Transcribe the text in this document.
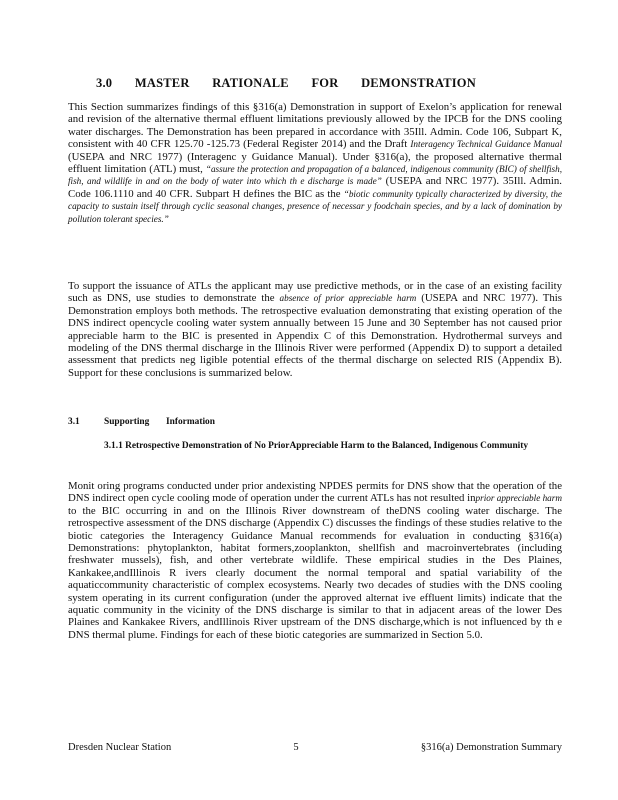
3.0 MASTER RATIONALE FOR DEMONSTRATION

This Section summarizes findings of this §316(a) Demonstration in support of Exelon’s application for renewal and revision of the alternative thermal effluent limitations previously allowed by the IPCB for the DNS cooling water discharges. The Demonstration has been prepared in accordance with 35Ill. Admin. Code 106, Subpart K, consistent with 40 CFR 125.70 -125.73 (Federal Register 2014) and the Draft Interagency Technical Guidance Manual (USEPA and NRC 1977) (Interagenc y Guidance Manual). Under §316(a), the proposed alternative thermal effluent limitation (ATL) must, “assure the protection and propagation of a balanced, indigenous community (BIC) of shellfish, fish, and wildlife in and on the body of water into which th e discharge is made” (USEPA and NRC 1977). 35Ill. Admin. Code 106.1110 and 40 CFR. Subpart H defines the BIC as the “biotic community typically characterized by diversity, the capacity to sustain itself through cyclic seasonal changes, presence of necessar y foodchain species, and by a lack of domination by pollution tolerant species.”

To support the issuance of ATLs the applicant may use predictive methods, or in the case of an existing facility such as DNS, use studies to demonstrate the absence of prior appreciable harm (USEPA and NRC 1977). This Demonstration employs both methods. The retrospective evaluation demonstrating that existing operation of the DNS indirect opencycle cooling water system annually between 15 June and 30 September has not caused prior appreciable harm to the BIC is presented in Appendix C of this Demonstration. Hydrothermal surveys and modeling of the DNS thermal discharge in the Illinois River were performed (Appendix D) to support a detailed assessment that predicts neg ligible potential effects of the thermal discharge on selected RIS (Appendix B). Support for these conclusions is summarized below.

3.1	Supporting Information
3.1.1 Retrospective Demonstration of No PriorAppreciable Harm to the Balanced, Indigenous Community

Monit oring programs conducted under prior andexisting NPDES permits for DNS show that the operation of the DNS indirect open cycle cooling mode of operation under the current ATLs has not resulted inprior appreciable harm to the BIC occurring in and on the Illinois River downstream of theDNS cooling water discharge. The retrospective assessment of the DNS discharge (Appendix C) discusses the findings of these studies relative to the biotic categories the Interagency Guidance Manual recommends for evaluation in conducting §316(a) Demonstrations: phytoplankton, habitat formers,zooplankton, shellfish and macroinvertebrates (including freshwater mussels), fish, and other vertebrate wildlife. These empirical studies in the Des Plaines, Kankakee,andIllinois R ivers clearly document the normal temporal and spatial variability of the aquaticcommunity characteristic of complex ecosystems. Nearly two decades of studies with the DNS cooling system operating in its current configuration (under the approved alternat ive effluent limits) indicate that the aquatic community in the vicinity of the DNS discharge is similar to that in adjacent areas of the lower Des Plaines and Kankakee Rivers, andIllinois River upstream of the DNS discharge,which is not influenced by th e DNS thermal plume. Findings for each of these biotic categories are summarized in Section 5.0.

Dresden Nuclear Station	5	§316(a) Demonstration Summary
